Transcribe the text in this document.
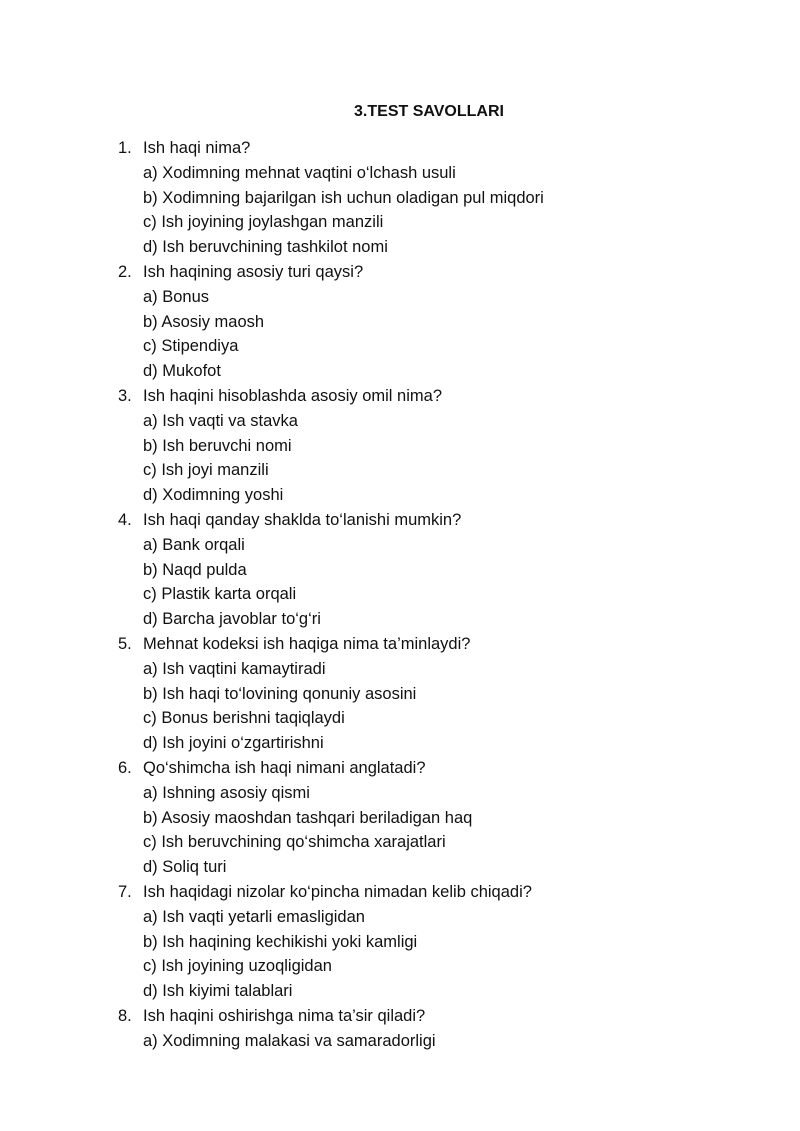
3.TEST SAVOLLARI
1. Ish haqi nima?
a) Xodimning mehnat vaqtini o‘lchash usuli
b) Xodimning bajarilgan ish uchun oladigan pul miqdori
c) Ish joyining joylashgan manzili
d) Ish beruvchining tashkilot nomi
2. Ish haqining asosiy turi qaysi?
a) Bonus
b) Asosiy maosh
c) Stipendiya
d) Mukofot
3. Ish haqini hisoblashda asosiy omil nima?
a) Ish vaqti va stavka
b) Ish beruvchi nomi
c) Ish joyi manzili
d) Xodimning yoshi
4. Ish haqi qanday shaklda to‘lanishi mumkin?
a) Bank orqali
b) Naqd pulda
c) Plastik karta orqali
d) Barcha javoblar to‘g‘ri
5. Mehnat kodeksi ish haqiga nima ta’minlaydi?
a) Ish vaqtini kamaytiradi
b) Ish haqi to‘lovining qonuniy asosini
c) Bonus berishni taqiqlaydi
d) Ish joyini o‘zgartirishni
6. Qo‘shimcha ish haqi nimani anglatadi?
a) Ishning asosiy qismi
b) Asosiy maoshdan tashqari beriladigan haq
c) Ish beruvchining qo‘shimcha xarajatlari
d) Soliq turi
7. Ish haqidagi nizolar ko‘pincha nimadan kelib chiqadi?
a) Ish vaqti yetarli emasligidan
b) Ish haqining kechikishi yoki kamligi
c) Ish joyining uzoqligidan
d) Ish kiyimi talablari
8. Ish haqini oshirishga nima ta’sir qiladi?
a) Xodimning malakasi va samaradorligi
